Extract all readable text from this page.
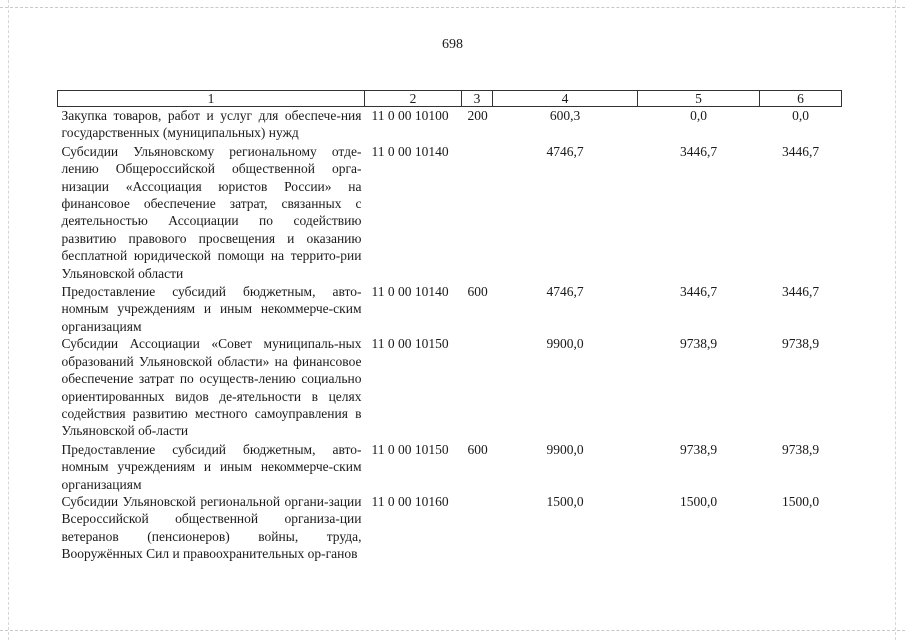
698
1	2	3	4	5	6
Закупка товаров, работ и услуг для обеспече-ния государственных (муниципальных) нужд	11 0 00 10100	200	600,3	0,0	0,0
Субсидии Ульяновскому региональному отде-лению Общероссийской общественной орга-низации «Ассоциация юристов России» на финансовое обеспечение затрат, связанных с деятельностью Ассоциации по содействию развитию правового просвещения и оказанию бесплатной юридической помощи на террито-рии Ульяновской области	11 0 00 10140		4746,7	3446,7	3446,7
Предоставление субсидий бюджетным, авто-номным учреждениям и иным некоммерче-ским организациям	11 0 00 10140	600	4746,7	3446,7	3446,7
Субсидии Ассоциации «Совет муниципаль-ных образований Ульяновской области» на финансовое обеспечение затрат по осуществ-лению социально ориентированных видов де-ятельности в целях содействия развитию местного самоуправления в Ульяновской об-ласти	11 0 00 10150		9900,0	9738,9	9738,9
Предоставление субсидий бюджетным, авто-номным учреждениям и иным некоммерче-ским организациям	11 0 00 10150	600	9900,0	9738,9	9738,9
Субсидии Ульяновской региональной органи-зации Всероссийской общественной организа-ции ветеранов (пенсионеров) войны, труда, Вооружённых Сил и правоохранительных ор-ганов	11 0 00 10160		1500,0	1500,0	1500,0
